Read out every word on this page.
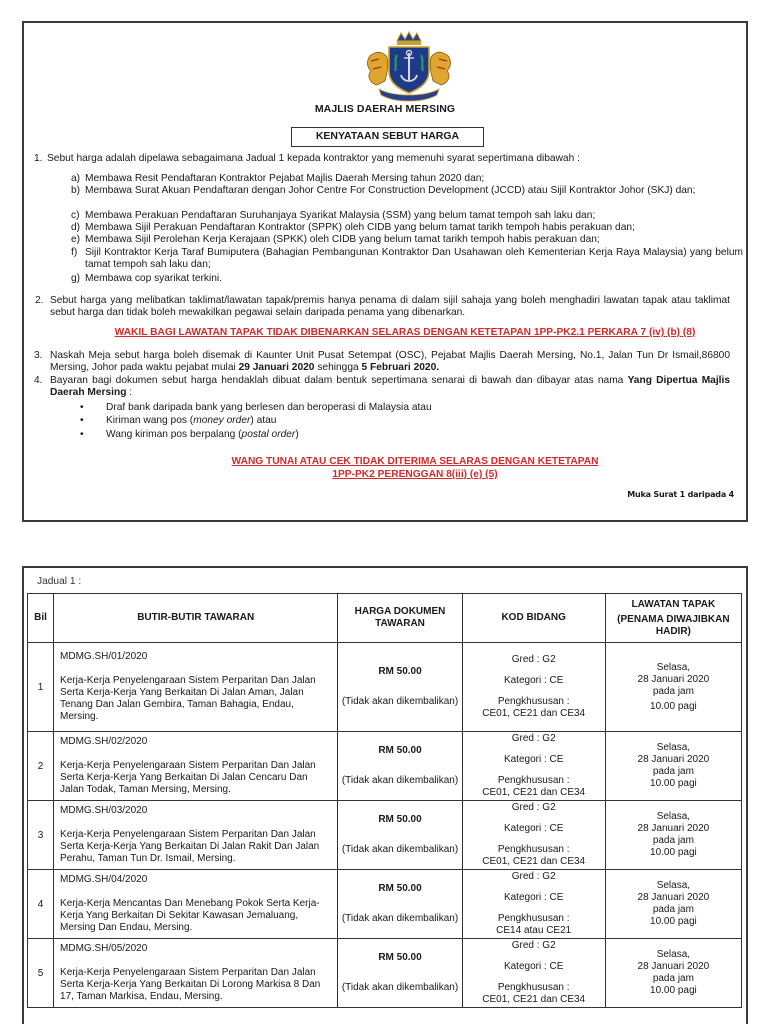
MAJLIS DAERAH MERSING
KENYATAAN SEBUT HARGA
1. Sebut harga adalah dipelawa sebagaimana Jadual 1 kepada kontraktor yang memenuhi syarat sepertimana dibawah :
a) Membawa Resit Pendaftaran Kontraktor Pejabat Majlis Daerah Mersing tahun 2020 dan;
b) Membawa Surat Akuan Pendaftaran dengan Johor Centre For Construction Development (JCCD) atau Sijil Kontraktor Johor (SKJ) dan;
c) Membawa Perakuan Pendaftaran Suruhanjaya Syarikat Malaysia (SSM) yang belum tamat tempoh sah laku dan;
d) Membawa Sijil Perakuan Pendaftaran Kontraktor (SPPK) oleh CIDB yang belum tamat tarikh tempoh habis perakuan dan;
e) Membawa Sijil Perolehan Kerja Kerajaan (SPKK) oleh CIDB yang belum tamat tarikh tempoh habis perakuan dan;
f) Sijil Kontraktor Kerja Taraf Bumiputera (Bahagian Pembangunan Kontraktor Dan Usahawan oleh Kementerian Kerja Raya Malaysia) yang belum tamat tempoh sah laku dan;
g) Membawa cop syarikat terkini.
2. Sebut harga yang melibatkan taklimat/lawatan tapak/premis hanya penama di dalam sijil sahaja yang boleh menghadiri lawatan tapak atau taklimat sebut harga dan tidak boleh mewakilkan pegawai selain daripada penama yang dibenarkan.
WAKIL BAGI LAWATAN TAPAK TIDAK DIBENARKAN SELARAS DENGAN KETETAPAN 1PP-PK2.1 PERKARA 7 (iv) (b) (8)
3. Naskah Meja sebut harga boleh disemak di Kaunter Unit Pusat Setempat (OSC), Pejabat Majlis Daerah Mersing, No.1, Jalan Tun Dr Ismail,86800 Mersing, Johor pada waktu pejabat mulai 29 Januari 2020 sehingga 5 Februari 2020.
4. Bayaran bagi dokumen sebut harga hendaklah dibuat dalam bentuk sepertimana senarai di bawah dan dibayar atas nama Yang Dipertua Majlis Daerah Mersing :
• Draf bank daripada bank yang berlesen dan beroperasi di Malaysia atau
• Kiriman wang pos (money order) atau
• Wang kiriman pos berpalang (postal order)
WANG TUNAI ATAU CEK TIDAK DITERIMA SELARAS DENGAN KETETAPAN
1PP-PK2 PERENGGAN 8(iii) (e) (5)
Muka Surat 1 daripada 4
Jadual 1 :
Bil	BUTIR-BUTIR TAWARAN	HARGA DOKUMEN TAWARAN	KOD BIDANG	LAWATAN TAPAK
(PENAMA DIWAJIBKAN HADIR)

1	MDMG.SH/01/2020
Kerja-Kerja Penyelengaraan Sistem Perparitan Dan Jalan Serta Kerja-Kerja Yang Berkaitan Di Jalan Aman, Jalan Tenang Dan Jalan Gembira, Taman Bahagia, Endau, Mersing.	RM 50.00
(Tidak akan dikembalikan)	Gred : G2
Kategori : CE
Pengkhususan :
CE01, CE21 dan CE34	Selasa,
28 Januari 2020
pada jam
10.00 pagi

2	MDMG.SH/02/2020
Kerja-Kerja Penyelengaraan Sistem Perparitan Dan Jalan Serta Kerja-Kerja Yang Berkaitan Di Jalan Cencaru Dan Jalan Todak, Taman Mersing, Mersing.	RM 50.00
(Tidak akan dikembalikan)	Gred : G2
Kategori : CE
Pengkhususan :
CE01, CE21 dan CE34	Selasa,
28 Januari 2020
pada jam
10.00 pagi

3	MDMG.SH/03/2020
Kerja-Kerja Penyelengaraan Sistem Perparitan Dan Jalan Serta Kerja-Kerja Yang Berkaitan Di Jalan Rakit Dan Jalan Perahu, Taman Tun Dr. Ismail, Mersing.	RM 50.00
(Tidak akan dikembalikan)	Gred : G2
Kategori : CE
Pengkhususan :
CE01, CE21 dan CE34	Selasa,
28 Januari 2020
pada jam
10.00 pagi

4	MDMG.SH/04/2020
Kerja-Kerja Mencantas Dan Menebang Pokok Serta Kerja-Kerja Yang Berkaitan Di Sekitar Kawasan Jemaluang, Mersing Dan Endau, Mersing.	RM 50.00
(Tidak akan dikembalikan)	Gred : G2
Kategori : CE
Pengkhususan :
CE14 atau CE21	Selasa,
28 Januari 2020
pada jam
10.00 pagi

5	MDMG.SH/05/2020
Kerja-Kerja Penyelengaraan Sistem Perparitan Dan Jalan Serta Kerja-Kerja Yang Berkaitan Di Lorong Markisa 8 Dan 17, Taman Markisa, Endau, Mersing.	RM 50.00
(Tidak akan dikembalikan)	Gred : G2
Kategori : CE
Pengkhususan :
CE01, CE21 dan CE34	Selasa,
28 Januari 2020
pada jam
10.00 pagi
